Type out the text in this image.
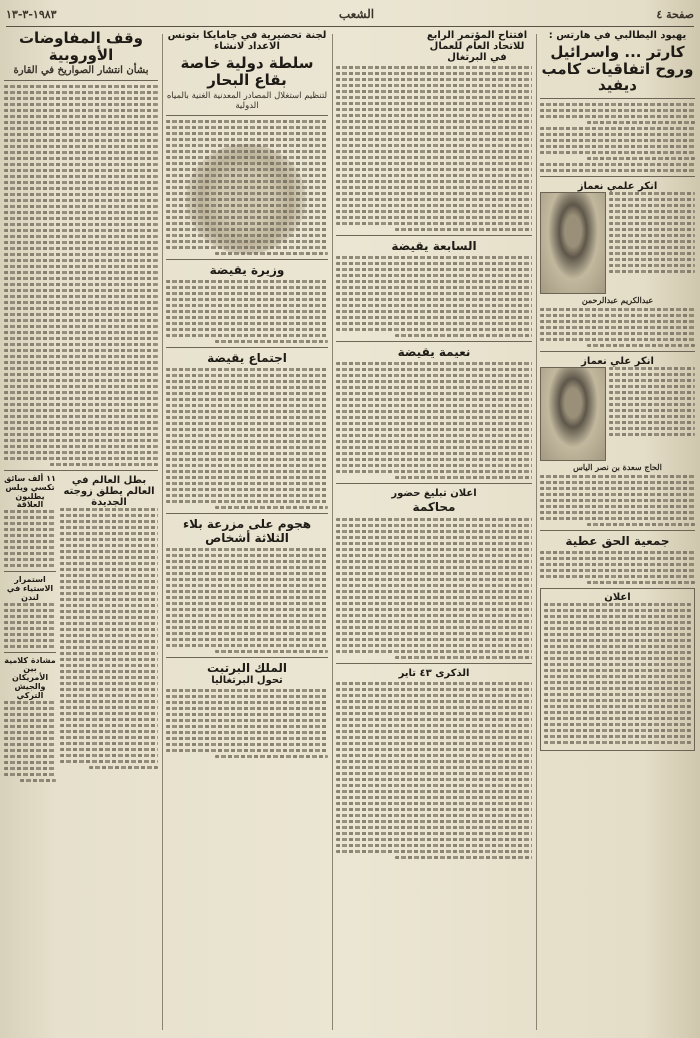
صفحة ٤
الشعب
١٩٨٣-٣-١٣
يهبود اليطالبي في هارتس :
كارتر ... واسرائيل وروح اتفاقيات كامب ديفيد
انكر علمي نعماز
عبدالكريم عبدالرحمن
انكر علي نعماز
الحاج سعدة بن نصر الياس
جمعية الحق عطية
اعلان
افتتاح المؤتمر الرابع للاتحاد العام للعمال في البرتغال
السابعة يقيضة
نعيمة يقيضة
اعلان تبليغ حضور
محاكمة
الذكرى ٤٣ تاير
لجنة تحضيرية في جامايكا بتونس الاعداد لانشاء
سلطة دولية خاصة بقاع البحار
لتنظيم استغلال المصادر المعدنية الغنية بالمياه الدولية
وزيرة يقيضة
اجتماع يقيضة
هجوم على مزرعة بلاء الثلاثة أشخاص
الملك البرتبت
تحول البرتغاليا
وقف المفاوضات الأوروبية
بشأن انتشار الصواريخ في القارة
بطل العالم في العالم يطلق زوجته الجديدة
١١ ألف سائق تكسي ويلس يطلبون العلاقة
استمرار الاستياء في لندن
مشادة كلامية بين الأمريكان والجيش التركي
